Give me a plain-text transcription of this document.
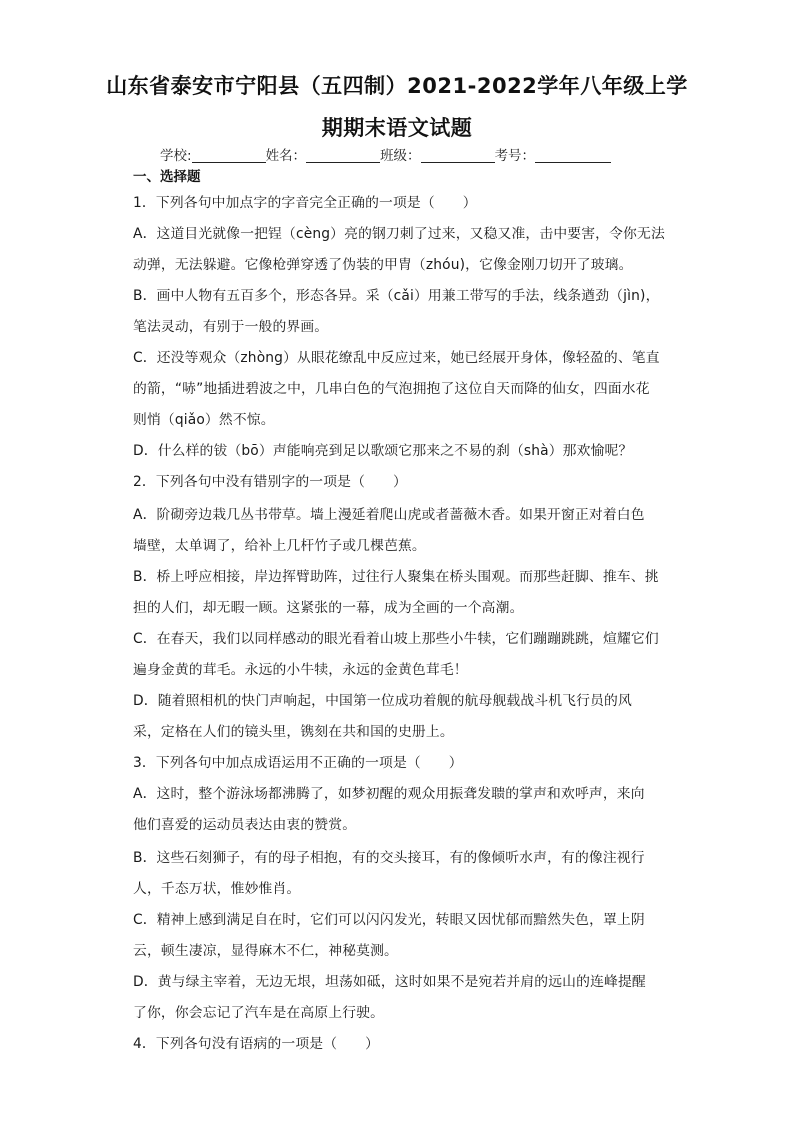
山东省泰安市宁阳县（五四制）2021-2022学年八年级上学
期期末语文试题
学校:	姓名：	班级：	考号：
一、选择题
1．下列各句中加点字的字音完全正确的一项是（　　）
A．这道目光就像一把锃（cèng）亮的钢刀刺了过来，又稳又准，击中要害，令你无法
动弹，无法躲避。它像枪弹穿透了伪装的甲胄（zhóu)，它像金刚刀切开了玻璃。
B．画中人物有五百多个，形态各异。采（cǎi）用兼工带写的手法，线条遒劲（jìn)，
笔法灵动，有别于一般的界画。
C．还没等观众（zhòng）从眼花缭乱中反应过来，她已经展开身体，像轻盈的、笔直
的箭，“哧”地插进碧波之中，几串白色的气泡拥抱了这位自天而降的仙女，四面水花
则悄（qiǎo）然不惊。
D．什么样的钹（bō）声能响亮到足以歌颂它那来之不易的刹（shà）那欢愉呢？
2．下列各句中没有错别字的一项是（　　）
A．阶砌旁边栽几丛书带草。墙上漫延着爬山虎或者蔷薇木香。如果开窗正对着白色
墙壁，太单调了，给补上几杆竹子或几棵芭蕉。
B．桥上呼应相接，岸边挥臂助阵，过往行人聚集在桥头围观。而那些赶脚、推车、挑
担的人们，却无暇一顾。这紧张的一幕，成为全画的一个高潮。
C．在春天，我们以同样感动的眼光看着山坡上那些小牛犊，它们蹦蹦跳跳，煊耀它们
遍身金黄的茸毛。永远的小牛犊，永远的金黄色茸毛！
D．随着照相机的快门声响起，中国第一位成功着舰的航母舰载战斗机飞行员的风
采，定格在人们的镜头里，镌刻在共和国的史册上。
3．下列各句中加点成语运用不正确的一项是（　　）
A．这时，整个游泳场都沸腾了，如梦初醒的观众用振聋发聩的掌声和欢呼声，来向
他们喜爱的运动员表达由衷的赞赏。
B．这些石刻狮子，有的母子相抱，有的交头接耳，有的像倾听水声，有的像注视行
人，千态万状，惟妙惟肖。
C．精神上感到满足自在时，它们可以闪闪发光，转眼又因忧郁而黯然失色，罩上阴
云，顿生凄凉，显得麻木不仁，神秘莫测。
D．黄与绿主宰着，无边无垠，坦荡如砥，这时如果不是宛若并肩的远山的连峰提醒
了你，你会忘记了汽车是在高原上行驶。
4．下列各句没有语病的一项是（　　）
